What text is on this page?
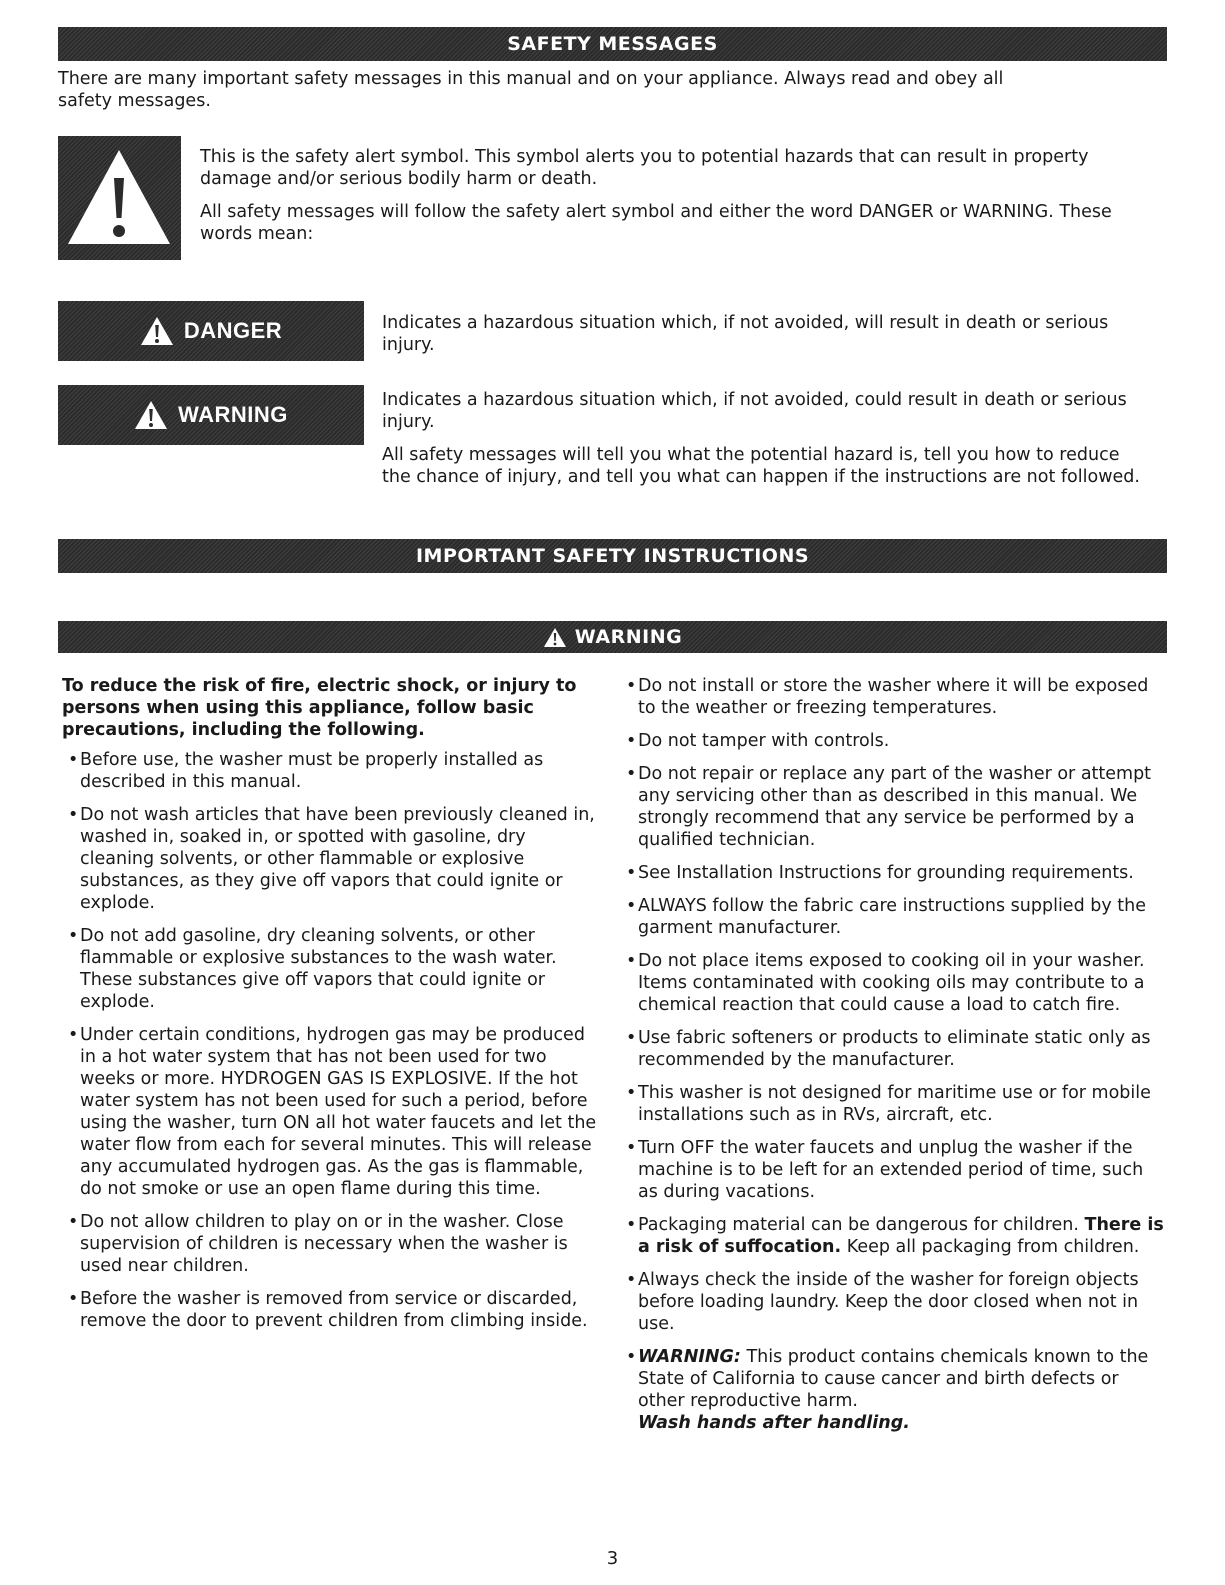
SAFETY MESSAGES

There are many important safety messages in this manual and on your appliance. Always read and obey all safety messages.

This is the safety alert symbol. This symbol alerts you to potential hazards that can result in property damage and/or serious bodily harm or death.

All safety messages will follow the safety alert symbol and either the word DANGER or WARNING. These words mean:

DANGER	Indicates a hazardous situation which, if not avoided, will result in death or serious injury.

WARNING

Indicates a hazardous situation which, if not avoided, could result in death or serious injury.

All safety messages will tell you what the potential hazard is, tell you how to reduce the chance of injury, and tell you what can happen if the instructions are not followed.

IMPORTANT SAFETY INSTRUCTIONS
WARNING

To reduce the risk of fire, electric shock, or injury to persons when using this appliance, follow basic precautions, including the following.

• Before use, the washer must be properly installed as described in this manual.
• Do not wash articles that have been previously cleaned in, washed in, soaked in, or spotted with gasoline, dry cleaning solvents, or other flammable or explosive substances, as they give off vapors that could ignite or explode.
• Do not add gasoline, dry cleaning solvents, or other flammable or explosive substances to the wash water. These substances give off vapors that could ignite or explode.
• Under certain conditions, hydrogen gas may be produced in a hot water system that has not been used for two weeks or more. HYDROGEN GAS IS EXPLOSIVE. If the hot water system has not been used for such a period, before using the washer, turn ON all hot water faucets and let the water flow from each for several minutes. This will release any accumulated hydrogen gas. As the gas is flammable, do not smoke or use an open flame during this time.
• Do not allow children to play on or in the washer. Close supervision of children is necessary when the washer is used near children.
• Before the washer is removed from service or discarded, remove the door to prevent children from climbing inside.
• Do not install or store the washer where it will be exposed to the weather or freezing temperatures.
• Do not tamper with controls.
• Do not repair or replace any part of the washer or attempt any servicing other than as described in this manual. We strongly recommend that any service be performed by a qualified technician.
• See Installation Instructions for grounding requirements.
• ALWAYS follow the fabric care instructions supplied by the garment manufacturer.
• Do not place items exposed to cooking oil in your washer. Items contaminated with cooking oils may contribute to a chemical reaction that could cause a load to catch fire.
• Use fabric softeners or products to eliminate static only as recommended by the manufacturer.
• This washer is not designed for maritime use or for mobile installations such as in RVs, aircraft, etc.
• Turn OFF the water faucets and unplug the washer if the machine is to be left for an extended period of time, such as during vacations.
• Packaging material can be dangerous for children. There is a risk of suffocation. Keep all packaging from children.
• Always check the inside of the washer for foreign objects before loading laundry. Keep the door closed when not in use.
• WARNING: This product contains chemicals known to the State of California to cause cancer and birth defects or other reproductive harm.
Wash hands after handling.
3
